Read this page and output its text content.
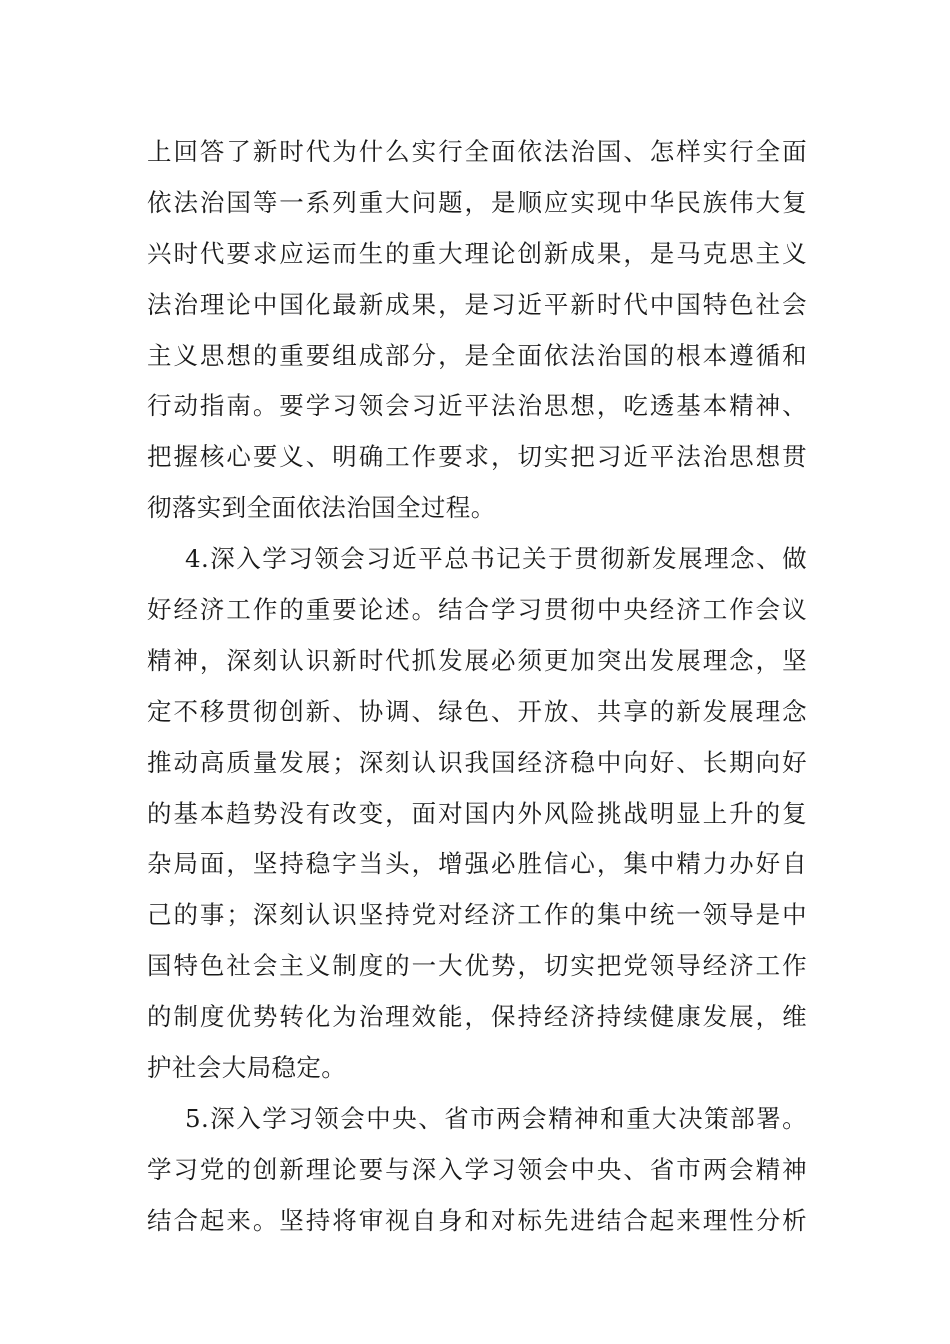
上回答了新时代为什么实行全面依法治国、怎样实行全面
依法治国等一系列重大问题，是顺应实现中华民族伟大复
兴时代要求应运而生的重大理论创新成果，是马克思主义
法治理论中国化最新成果，是习近平新时代中国特色社会
主义思想的重要组成部分，是全面依法治国的根本遵循和
行动指南。要学习领会习近平法治思想，吃透基本精神、
把握核心要义、明确工作要求，切实把习近平法治思想贯
彻落实到全面依法治国全过程。
4.深入学习领会习近平总书记关于贯彻新发展理念、做
好经济工作的重要论述。结合学习贯彻中央经济工作会议
精神，深刻认识新时代抓发展必须更加突出发展理念，坚
定不移贯彻创新、协调、绿色、开放、共享的新发展理念
推动高质量发展；深刻认识我国经济稳中向好、长期向好
的基本趋势没有改变，面对国内外风险挑战明显上升的复
杂局面，坚持稳字当头，增强必胜信心，集中精力办好自
己的事；深刻认识坚持党对经济工作的集中统一领导是中
国特色社会主义制度的一大优势，切实把党领导经济工作
的制度优势转化为治理效能，保持经济持续健康发展，维
护社会大局稳定。
5.深入学习领会中央、省市两会精神和重大决策部署。
学习党的创新理论要与深入学习领会中央、省市两会精神
结合起来。坚持将审视自身和对标先进结合起来理性分析
